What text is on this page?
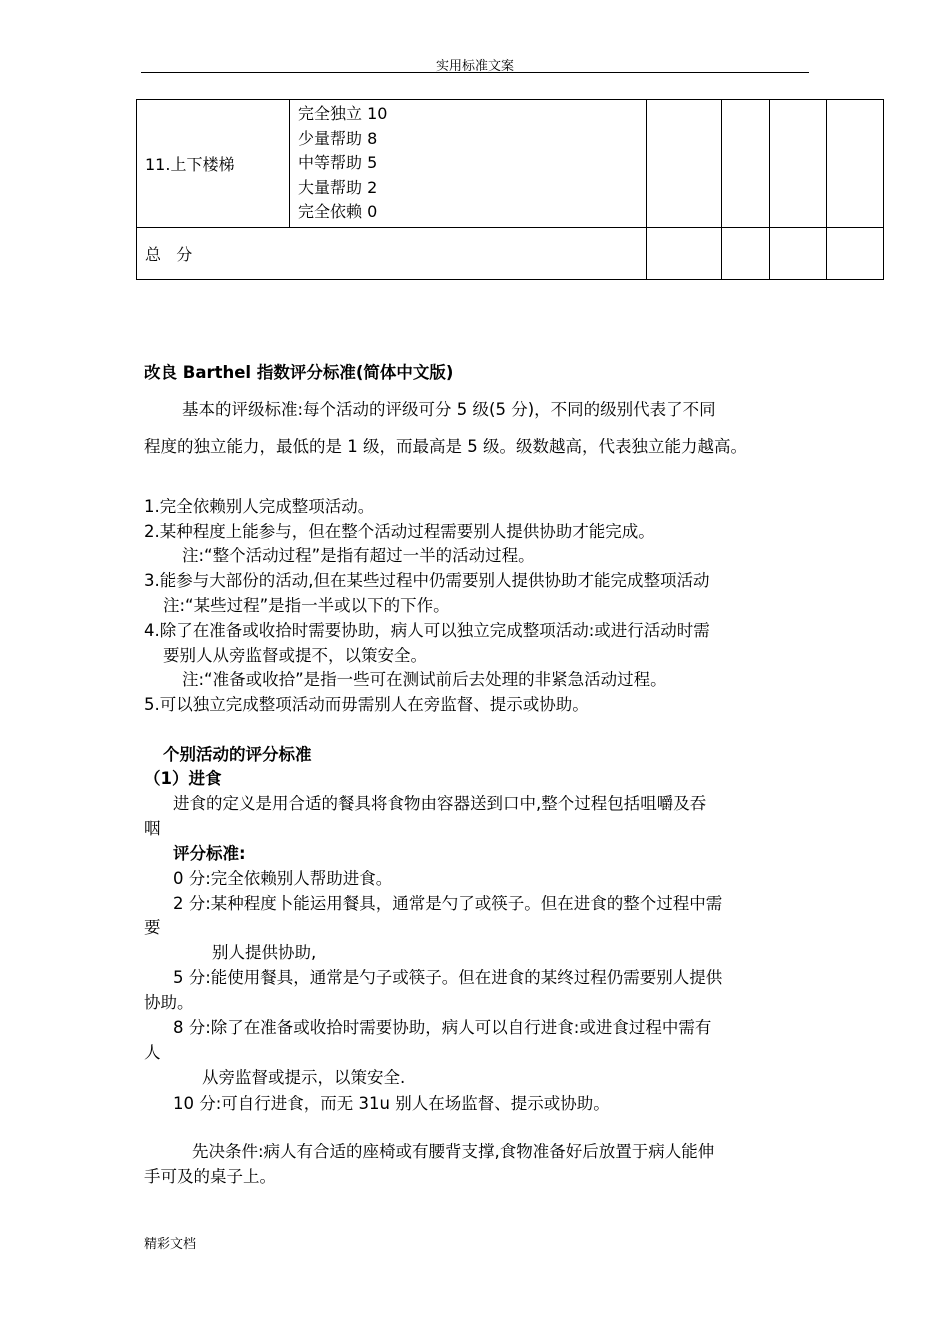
实用标准文案
11.上下楼梯	完全独立 10
少量帮助 8
中等帮助 5
大量帮助 2
完全依赖 0				

总   分					
改良 Barthel 指数评分标准(简体中文版)
基本的评级标准:每个活动的评级可分 5 级(5 分)，不同的级别代表了不同
程度的独立能力，最低的是 1 级，而最高是 5 级。级数越高，代表独立能力越高。
1.完全依赖别人完成整项活动。
2.某种程度上能参与，但在整个活动过程需要别人提供协助才能完成。
注:“整个活动过程”是指有超过一半的活动过程。
3.能参与大部份的活动,但在某些过程中仍需要别人提供协助才能完成整项活动
注:“某些过程”是指一半或以下的下作。
4.除了在准备或收拾时需要协助，病人可以独立完成整项活动:或进行活动时需
要别人从旁监督或提不，以策安全。
注:“准备或收拾”是指一些可在测试前后去处理的非紧急活动过程。
5.可以独立完成整项活动而毋需别人在旁监督、提示或协助。
个别活动的评分标准
（1）进食
进食的定义是用合适的餐具将食物由容器送到口中,整个过程包括咀嚼及吞
咽
评分标准:
0 分:完全依赖别人帮助进食。
2 分:某种程度卜能运用餐具，通常是勺了或筷子。但在进食的整个过程中需
要
别人提供协助,
5 分:能使用餐具，通常是勺子或筷子。但在进食的某终过程仍需要别人提供
协助。
8 分:除了在准备或收拾时需要协助，病人可以自行进食:或进食过程中需有
人
从旁监督或提示，以策安全.
10 分:可自行进食，而无 31u 别人在场监督、提示或协助。
先决条件:病人有合适的座椅或有腰背支撑,食物准备好后放置于病人能伸
手可及的桌子上。
精彩文档
